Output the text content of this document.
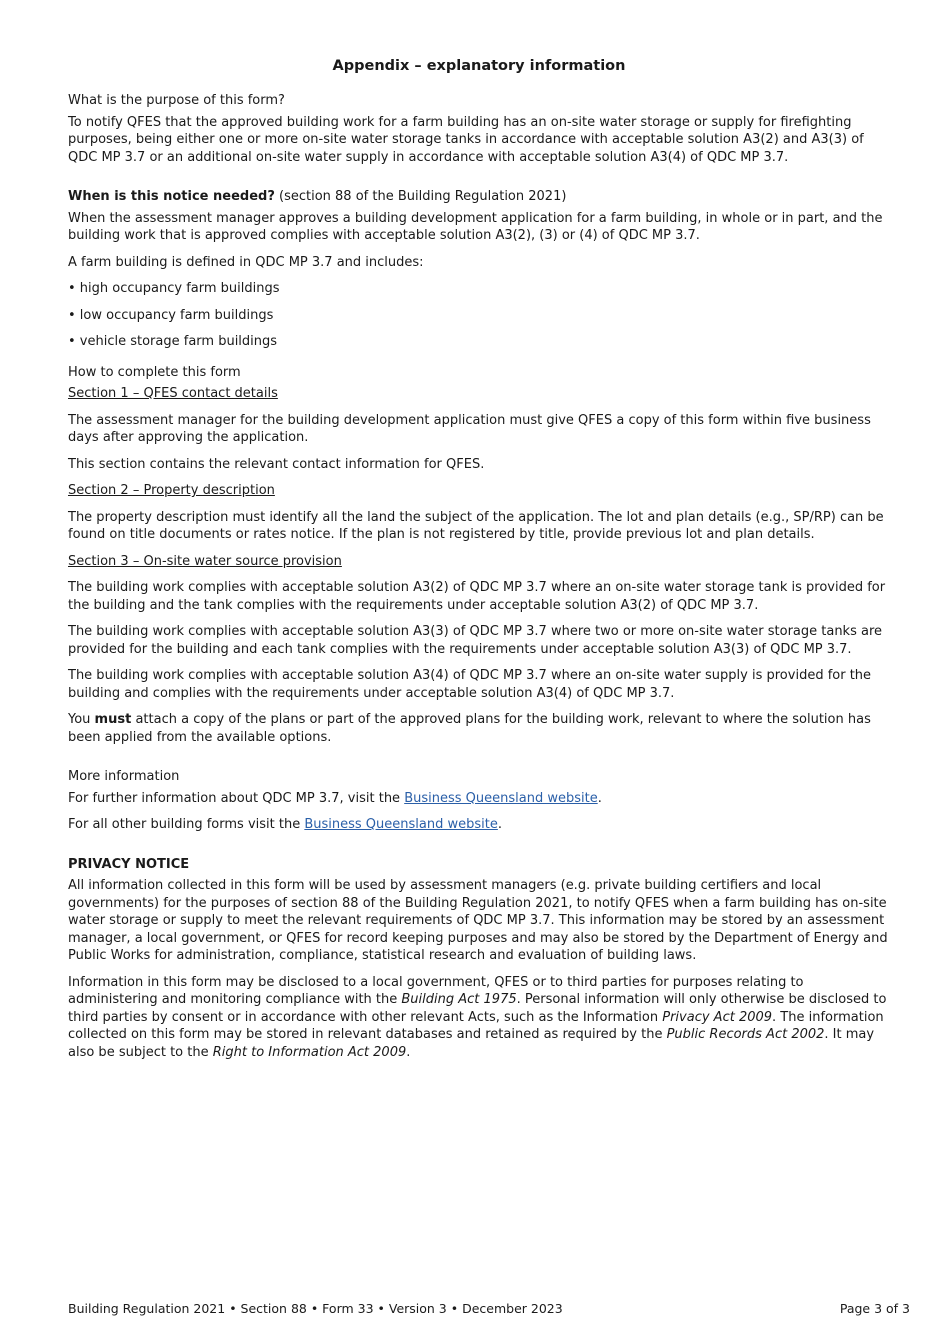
Appendix – explanatory information
What is the purpose of this form?

To notify QFES that the approved building work for a farm building has an on-site water storage or supply for firefighting purposes, being either one or more on-site water storage tanks in accordance with acceptable solution A3(2) and A3(3) of QDC MP 3.7 or an additional on-site water supply in accordance with acceptable solution A3(4) of QDC MP 3.7.

When is this notice needed? (section 88 of the Building Regulation 2021)

When the assessment manager approves a building development application for a farm building, in whole or in part, and the building work that is approved complies with acceptable solution A3(2), (3) or (4) of QDC MP 3.7.

A farm building is defined in QDC MP 3.7 and includes:

• high occupancy farm buildings
• low occupancy farm buildings
• vehicle storage farm buildings
How to complete this form
Section 1 – QFES contact details

The assessment manager for the building development application must give QFES a copy of this form within five business days after approving the application.

This section contains the relevant contact information for QFES.

Section 2 – Property description

The property description must identify all the land the subject of the application. The lot and plan details (e.g., SP/RP) can be found on title documents or rates notice. If the plan is not registered by title, provide previous lot and plan details.

Section 3 – On-site water source provision

The building work complies with acceptable solution A3(2) of QDC MP 3.7 where an on-site water storage tank is provided for the building and the tank complies with the requirements under acceptable solution A3(2) of QDC MP 3.7.

The building work complies with acceptable solution A3(3) of QDC MP 3.7 where two or more on-site water storage tanks are provided for the building and each tank complies with the requirements under acceptable solution A3(3) of QDC MP 3.7.

The building work complies with acceptable solution A3(4) of QDC MP 3.7 where an on-site water supply is provided for the building and complies with the requirements under acceptable solution A3(4) of QDC MP 3.7.

You must attach a copy of the plans or part of the approved plans for the building work, relevant to where the solution has been applied from the available options.

More information

For further information about QDC MP 3.7, visit the Business Queensland website.

For all other building forms visit the Business Queensland website.

PRIVACY NOTICE

All information collected in this form will be used by assessment managers (e.g. private building certifiers and local governments) for the purposes of section 88 of the Building Regulation 2021, to notify QFES when a farm building has on-site water storage or supply to meet the relevant requirements of QDC MP 3.7. This information may be stored by an assessment manager, a local government, or QFES for record keeping purposes and may also be stored by the Department of Energy and Public Works for administration, compliance, statistical research and evaluation of building laws.

Information in this form may be disclosed to a local government, QFES or to third parties for purposes relating to administering and monitoring compliance with the Building Act 1975. Personal information will only otherwise be disclosed to third parties by consent or in accordance with other relevant Acts, such as the Information Privacy Act 2009. The information collected on this form may be stored in relevant databases and retained as required by the Public Records Act 2002. It may also be subject to the Right to Information Act 2009.

Building Regulation 2021 • Section 88 • Form 33 • Version 3 • December 2023	Page 3 of 3
